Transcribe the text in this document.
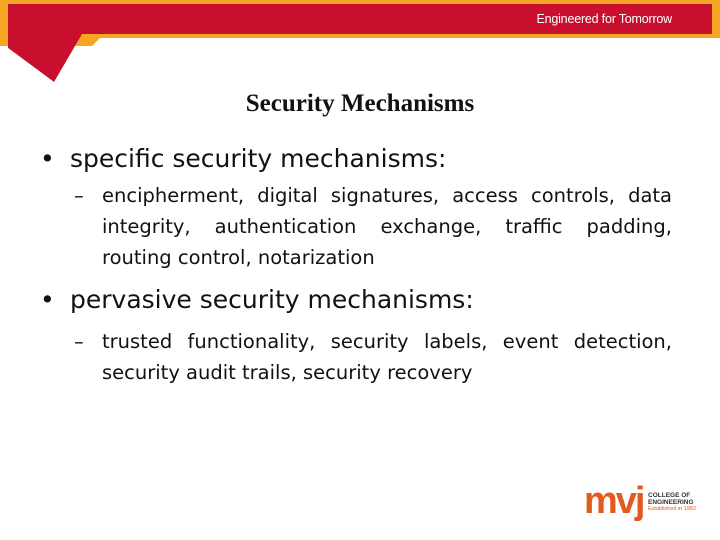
Engineered for Tomorrow
Security Mechanisms
• specific security mechanisms:
– encipherment, digital signatures, access controls, data integrity, authentication exchange, traffic padding, routing control, notarization
• pervasive security mechanisms:
– trusted functionality, security labels, event detection, security audit trails, security recovery
mvj COLLEGE OF
ENGINEERING
Established in 1982
